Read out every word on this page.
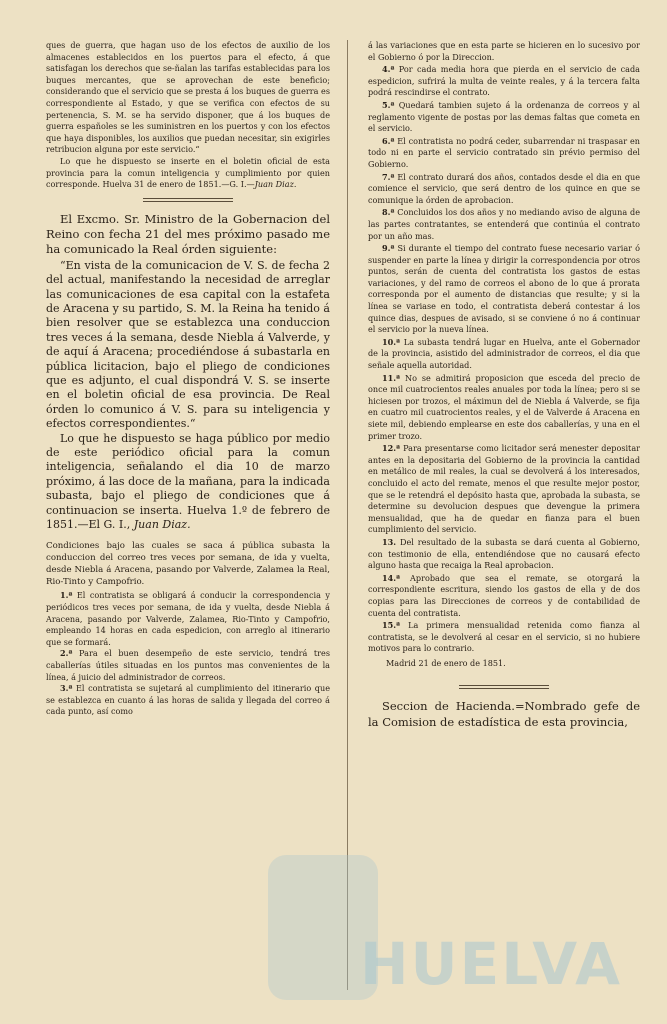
ques de guerra, que hagan uso de los efectos de auxilio de los almacenes establecidos en los puertos para el efecto, á que satisfagan los derechos que se-ñalan las tarifas establecidas para los buques mercantes, que se aprovechan de este beneficio; considerando que el servicio que se presta á los buques de guerra es correspondiente al Estado, y que se verifica con efectos de su pertenencia, S. M. se ha servido disponer, que á los buques de guerra españoles se les suministren en los puertos y con los efectos que haya disponibles, los auxilios que puedan necesitar, sin exigirles retribucion alguna por este servicio.“

Lo que he dispuesto se inserte en el boletin oficial de esta provincia para la comun inteligencia y cumplimiento por quien corresponde. Huelva 31 de enero de 1851.—G. I.—Juan Diaz.

El Excmo. Sr. Ministro de la Gobernacion del Reino con fecha 21 del mes próximo pasado me ha comunicado la Real órden siguiente:

“En vista de la comunicacion de V. S. de fecha 2 del actual, manifestando la necesidad de arreglar las comunicaciones de esa capital con la estafeta de Aracena y su partido, S. M. la Reina ha tenido á bien resolver que se establezca una conduccion tres veces á la semana, desde Niebla á Valverde, y de aquí á Aracena; procediéndose á subastarla en pública licitacion, bajo el pliego de condiciones que es adjunto, el cual dispondrá V. S. se inserte en el boletin oficial de esa provincia. De Real órden lo comunico á V. S. para su inteligencia y efectos correspondientes.“

Lo que he dispuesto se haga público por medio de este periódico oficial para la comun inteligencia, señalando el dia 10 de marzo próximo, á las doce de la mañana, para la indicada subasta, bajo el pliego de condiciones que á continuacion se inserta. Huelva 1.º de febrero de 1851.—El G. I., Juan Diaz.

Condiciones bajo las cuales se saca á pública subasta la conduccion del correo tres veces por semana, de ida y vuelta, desde Niebla á Aracena, pasando por Valverde, Zalamea la Real, Rio-Tinto y Campofrio.

1.ª El contratista se obligará á conducir la correspondencia y periódicos tres veces por semana, de ida y vuelta, desde Niebla á Aracena, pasando por Valverde, Zalamea, Rio-Tinto y Campofrio, empleando 14 horas en cada espedicion, con arreglo al itinerario que se formará.

2.ª Para el buen desempeño de este servicio, tendrá tres caballerías útiles situadas en los puntos mas convenientes de la línea, á juicio del administrador de correos.

3.ª El contratista se sujetará al cumplimiento del itinerario que se establezca en cuanto á las horas de salida y llegada del correo á cada punto, así como

á las variaciones que en esta parte se hicieren en lo sucesivo por el Gobierno ó por la Direccion.

4.ª Por cada media hora que pierda en el servicio de cada espedicion, sufrirá la multa de veinte reales, y á la tercera falta podrá rescindirse el contrato.

5.ª Quedará tambien sujeto á la ordenanza de correos y al reglamento vigente de postas por las demas faltas que cometa en el servicio.

6.ª El contratista no podrá ceder, subarrendar ni traspasar en todo ni en parte el servicio contratado sin prévio permiso del Gobierno.

7.ª El contrato durará dos años, contados desde el dia en que comience el servicio, que será dentro de los quince en que se comunique la órden de aprobacion.

8.ª Concluidos los dos años y no mediando aviso de alguna de las partes contratantes, se entenderá que continúa el contrato por un año mas.

9.ª Si durante el tiempo del contrato fuese necesario variar ó suspender en parte la línea y dirigir la correspondencia por otros puntos, serán de cuenta del contratista los gastos de estas variaciones, y del ramo de correos el abono de lo que á prorata corresponda por el aumento de distancias que resulte; y si la línea se variase en todo, el contratista deberá contestar á los quince dias, despues de avisado, si se conviene ó no á continuar el servicio por la nueva línea.

10.ª La subasta tendrá lugar en Huelva, ante el Gobernador de la provincia, asistido del administrador de correos, el dia que señale aquella autoridad.

11.ª No se admitirá proposicion que esceda del precio de once mil cuatrocientos reales anuales por toda la línea; pero si se hiciesen por trozos, el máximun del de Niebla á Valverde, se fija en cuatro mil cuatrocientos reales, y el de Valverde á Aracena en siete mil, debiendo emplearse en este dos caballerías, y una en el primer trozo.

12.ª Para presentarse como licitador será menester depositar antes en la depositaria del Gobierno de la provincia la cantidad en metálico de mil reales, la cual se devolverá á los interesados, concluido el acto del remate, menos el que resulte mejor postor, que se le retendrá el depósito hasta que, aprobada la subasta, se determine su devolucion despues que devengue la primera mensualidad, que ha de quedar en fianza para el buen cumplimiento del servicio.

13. Del resultado de la subasta se dará cuenta al Gobierno, con testimonio de ella, entendiéndose que no causará efecto alguno hasta que recaiga la Real aprobacion.

14.ª Aprobado que sea el remate, se otorgará la correspondiente escritura, siendo los gastos de ella y de dos copias para las Direcciones de correos y de contabilidad de cuenta del contratista.

15.ª La primera mensualidad retenida como fianza al contratista, se le devolverá al cesar en el servicio, si no hubiere motivos para lo contrario.

Madrid 21 de enero de 1851.

Seccion de Hacienda.=Nombrado gefe de la Comision de estadística de esta provincia,

HUELVA
